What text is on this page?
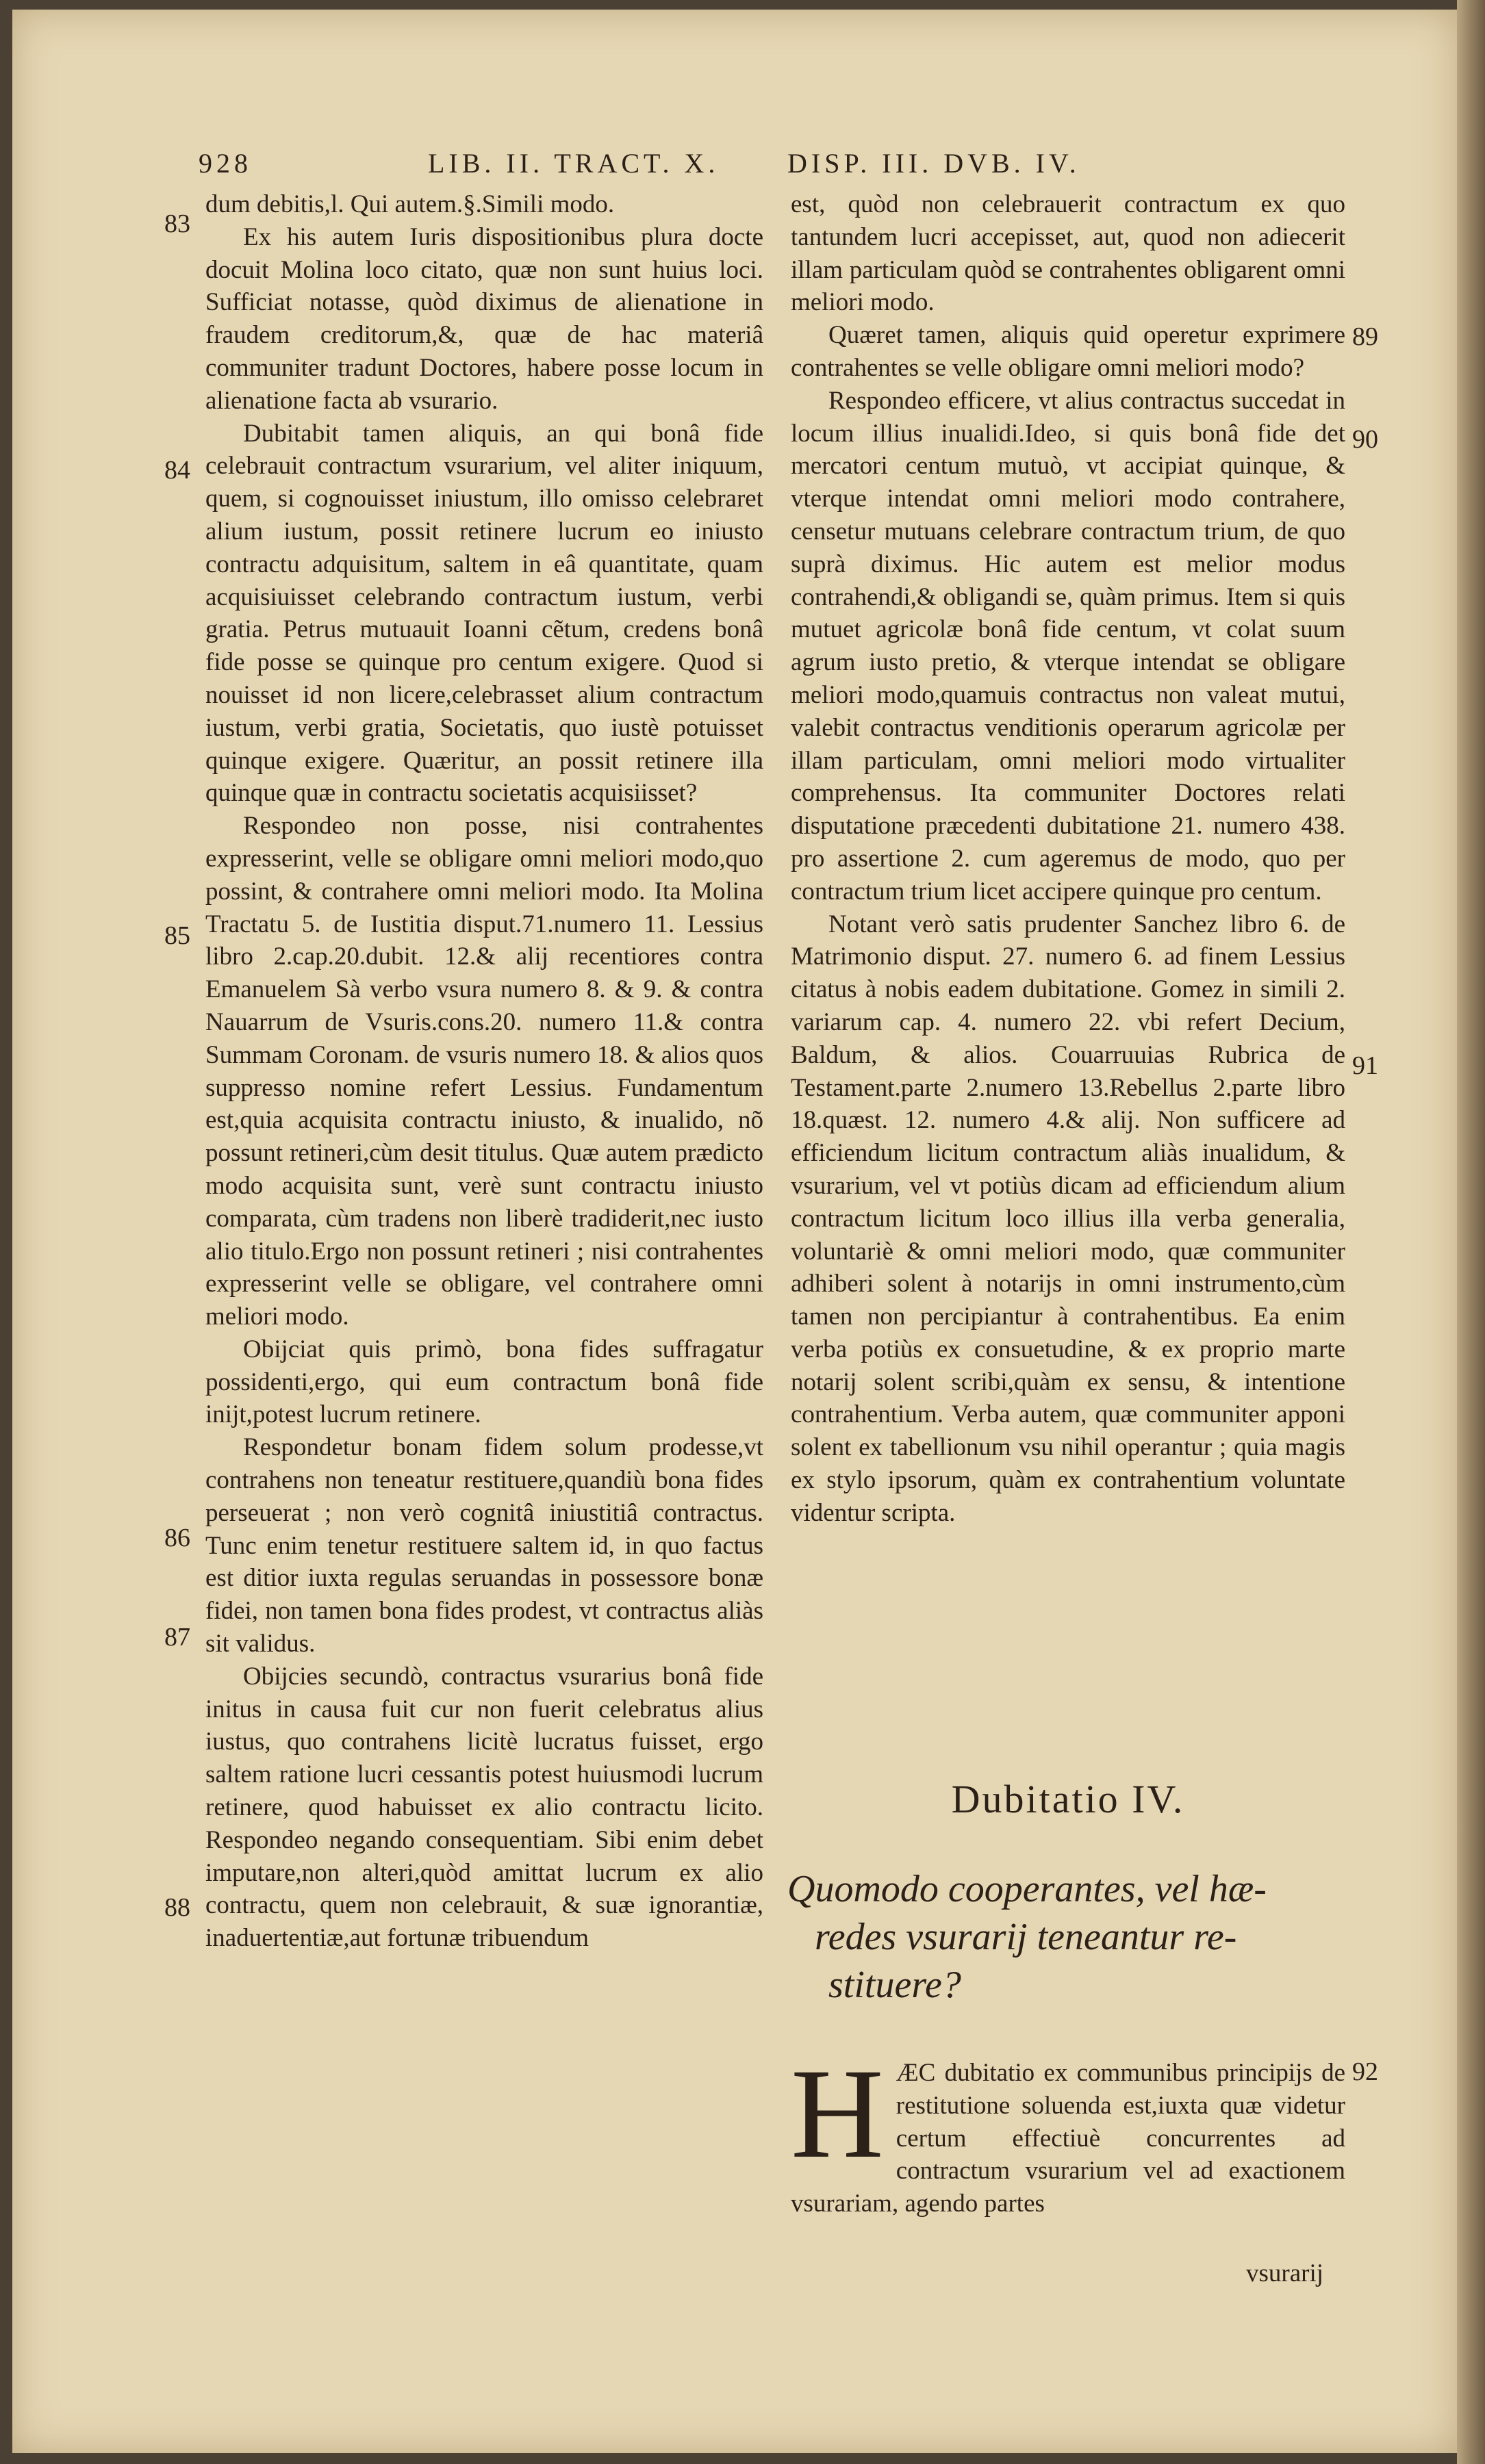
928	LIB. II. TRACT. X. DISP. III. DVB. IV.

dum debitis,l. Qui autem.§.Simili modo.

Ex his autem Iuris dispositionibus plura docte docuit Molina loco citato, quæ non sunt huius loci. Sufficiat notasse, quòd diximus de alienatione in fraudem creditorum,&, quæ de hac materiâ communiter tradunt Doctores, habere posse locum in alienatione facta ab vsurario.

Dubitabit tamen aliquis, an qui bonâ fide celebrauit contractum vsurarium, vel aliter iniquum, quem, si cognouisset iniustum, illo omisso celebraret alium iustum, possit retinere lucrum eo iniusto contractu adquisitum, saltem in eâ quantitate, quam acquisiuisset celebrando contractum iustum, verbi gratia. Petrus mutuauit Ioanni cẽtum, credens bonâ fide posse se quinque pro centum exigere. Quod si nouisset id non licere,celebrasset alium contractum iustum, verbi gratia, Societatis, quo iustè potuisset quinque exigere. Quæritur, an possit retinere illa quinque quæ in contractu societatis acquisiisset?

Respondeo non posse, nisi contrahentes expresserint, velle se obligare omni meliori modo,quo possint, & contrahere omni meliori modo. Ita Molina Tractatu 5. de Iustitia disput.71.numero 11. Lessius libro 2.cap.20.dubit. 12.& alij recentiores contra Emanuelem Sà verbo vsura numero 8. & 9. & contra Nauarrum de Vsuris.cons.20. numero 11.& contra Summam Coronam. de vsuris numero 18. & alios quos suppresso nomine refert Lessius. Fundamentum est,quia acquisita contractu iniusto, & inualido, nõ possunt retineri,cùm desit titulus. Quæ autem prædicto modo acquisita sunt, verè sunt contractu iniusto comparata, cùm tradens non liberè tradiderit,nec iusto alio titulo.Ergo non possunt retineri ; nisi contrahentes expresserint velle se obligare, vel contrahere omni meliori modo.

Obijciat quis primò, bona fides suffragatur possidenti,ergo, qui eum contractum bonâ fide inijt,potest lucrum retinere.

Respondetur bonam fidem solum prodesse,vt contrahens non teneatur restituere,quandiù bona fides perseuerat ; non verò cognitâ iniustitiâ contractus. Tunc enim tenetur restituere saltem id, in quo factus est ditior iuxta regulas seruandas in possessore bonæ fidei, non tamen bona fides prodest, vt contractus aliàs sit validus.

Obijcies secundò, contractus vsurarius bonâ fide initus in causa fuit cur non fuerit celebratus alius iustus, quo contrahens licitè lucratus fuisset, ergo saltem ratione lucri cessantis potest huiusmodi lucrum retinere, quod habuisset ex alio contractu licito. Respondeo negando consequentiam. Sibi enim debet imputare,non alteri,quòd amittat lucrum ex alio contractu, quem non celebrauit, & suæ ignorantiæ, inaduertentiæ,aut fortunæ tribuendum

83
84
85
86
87
88

est, quòd non celebrauerit contractum ex quo tantundem lucri accepisset, aut, quod non adiecerit illam particulam quòd se contrahentes obligarent omni meliori modo.

Quæret tamen, aliquis quid operetur exprimere contrahentes se velle obligare omni meliori modo?

Respondeo efficere, vt alius contractus succedat in locum illius inualidi.Ideo, si quis bonâ fide det mercatori centum mutuò, vt accipiat quinque, & vterque intendat omni meliori modo contrahere, censetur mutuans celebrare contractum trium, de quo suprà diximus. Hic autem est melior modus contrahendi,& obligandi se, quàm primus. Item si quis mutuet agricolæ bonâ fide centum, vt colat suum agrum iusto pretio, & vterque intendat se obligare meliori modo,quamuis contractus non valeat mutui, valebit contractus venditionis operarum agricolæ per illam particulam, omni meliori modo virtualiter comprehensus. Ita communiter Doctores relati disputatione præcedenti dubitatione 21. numero 438. pro assertione 2. cum ageremus de modo, quo per contractum trium licet accipere quinque pro centum.

Notant verò satis prudenter Sanchez libro 6. de Matrimonio disput. 27. numero 6. ad finem Lessius citatus à nobis eadem dubitatione. Gomez in simili 2. variarum cap. 4. numero 22. vbi refert Decium, Baldum, & alios. Couarruuias Rubrica de Testament.parte 2.numero 13.Rebellus 2.parte libro 18.quæst. 12. numero 4.& alij. Non sufficere ad efficiendum licitum contractum aliàs inualidum, & vsurarium, vel vt potiùs dicam ad efficiendum alium contractum licitum loco illius illa verba generalia, voluntariè & omni meliori modo, quæ communiter adhiberi solent à notarijs in omni instrumento,cùm tamen non percipiantur à contrahentibus. Ea enim verba potiùs ex consuetudine, & ex proprio marte notarij solent scribi,quàm ex sensu, & intentione contrahentium. Verba autem, quæ communiter apponi solent ex tabellionum vsu nihil operantur ; quia magis ex stylo ipsorum, quàm ex contrahentium voluntate videntur scripta.

89
90
91
92
Dubitatio IV.
Quomodo cooperantes, vel hæ-
redes vsurarij teneantur re-
stituere?
H ÆC dubitatio ex communibus principijs de restitutione soluenda est,iuxta quæ videtur certum effectiuè concurrentes ad contractum vsurarium vel ad exactionem vsurariam, agendo partes
vsurarij
